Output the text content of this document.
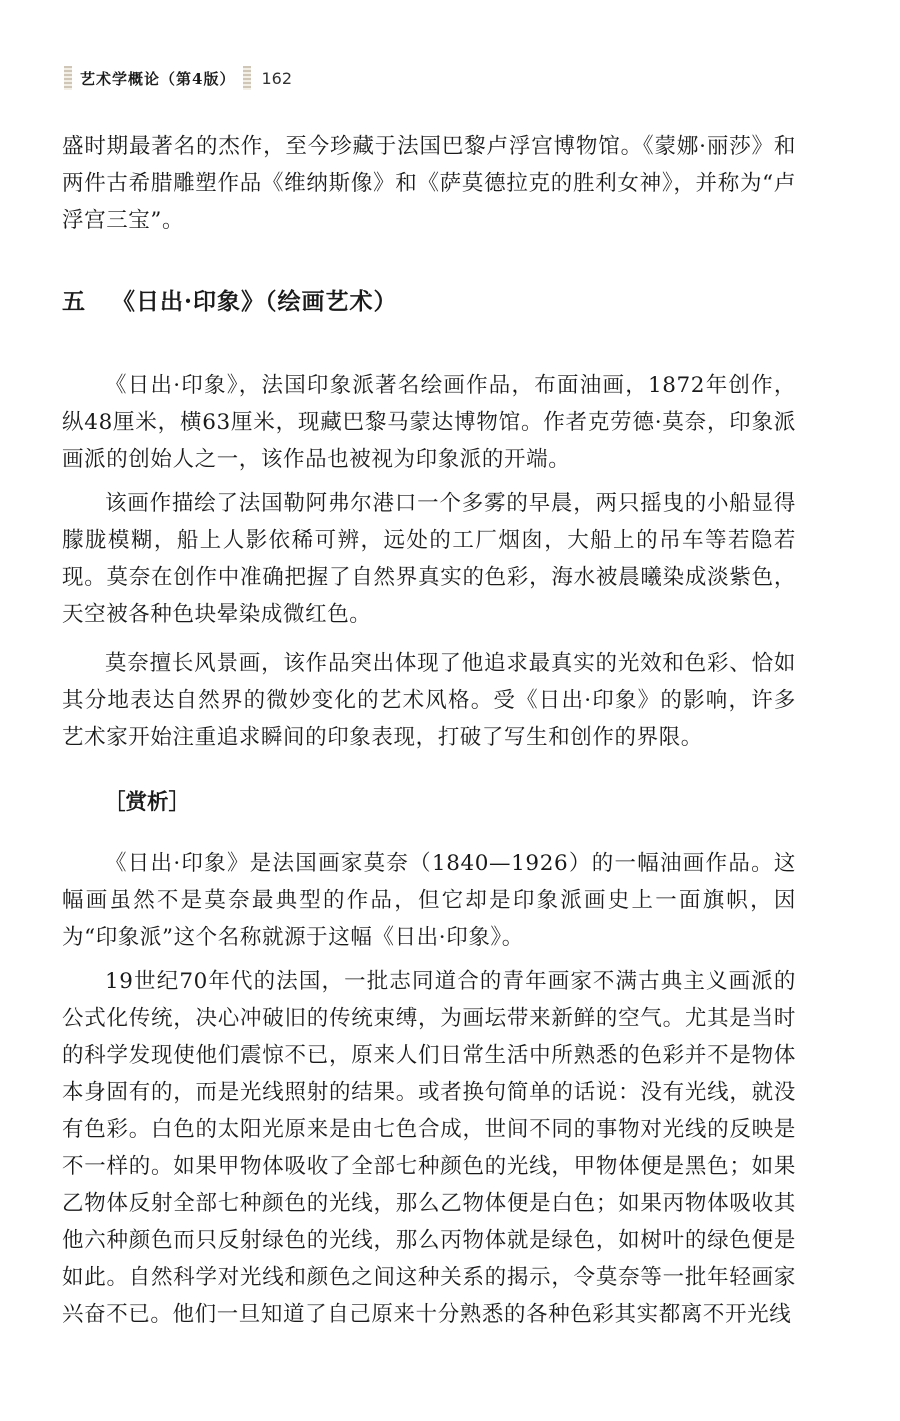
艺术学概论（第4版） 162

盛时期最著名的杰作，至今珍藏于法国巴黎卢浮宫博物馆。《蒙娜·丽莎》和两件古希腊雕塑作品《维纳斯像》和《萨莫德拉克的胜利女神》，并称为“卢浮宫三宝”。

五 《日出·印象》（绘画艺术）

《日出·印象》，法国印象派著名绘画作品，布面油画，1872年创作，纵48厘米，横63厘米，现藏巴黎马蒙达博物馆。作者克劳德·莫奈，印象派画派的创始人之一，该作品也被视为印象派的开端。

该画作描绘了法国勒阿弗尔港口一个多雾的早晨，两只摇曳的小船显得朦胧模糊，船上人影依稀可辨，远处的工厂烟囱，大船上的吊车等若隐若现。莫奈在创作中准确把握了自然界真实的色彩，海水被晨曦染成淡紫色，天空被各种色块晕染成微红色。

莫奈擅长风景画，该作品突出体现了他追求最真实的光效和色彩、恰如其分地表达自然界的微妙变化的艺术风格。受《日出·印象》的影响，许多艺术家开始注重追求瞬间的印象表现，打破了写生和创作的界限。

［赏析］

《日出·印象》是法国画家莫奈（1840—1926）的一幅油画作品。这幅画虽然不是莫奈最典型的作品，但它却是印象派画史上一面旗帜，因为“印象派”这个名称就源于这幅《日出·印象》。

19世纪70年代的法国，一批志同道合的青年画家不满古典主义画派的公式化传统，决心冲破旧的传统束缚，为画坛带来新鲜的空气。尤其是当时的科学发现使他们震惊不已，原来人们日常生活中所熟悉的色彩并不是物体本身固有的，而是光线照射的结果。或者换句简单的话说：没有光线，就没有色彩。白色的太阳光原来是由七色合成，世间不同的事物对光线的反映是不一样的。如果甲物体吸收了全部七种颜色的光线，甲物体便是黑色；如果乙物体反射全部七种颜色的光线，那么乙物体便是白色；如果丙物体吸收其他六种颜色而只反射绿色的光线，那么丙物体就是绿色，如树叶的绿色便是如此。自然科学对光线和颜色之间这种关系的揭示，令莫奈等一批年轻画家兴奋不已。他们一旦知道了自己原来十分熟悉的各种色彩其实都离不开光线
